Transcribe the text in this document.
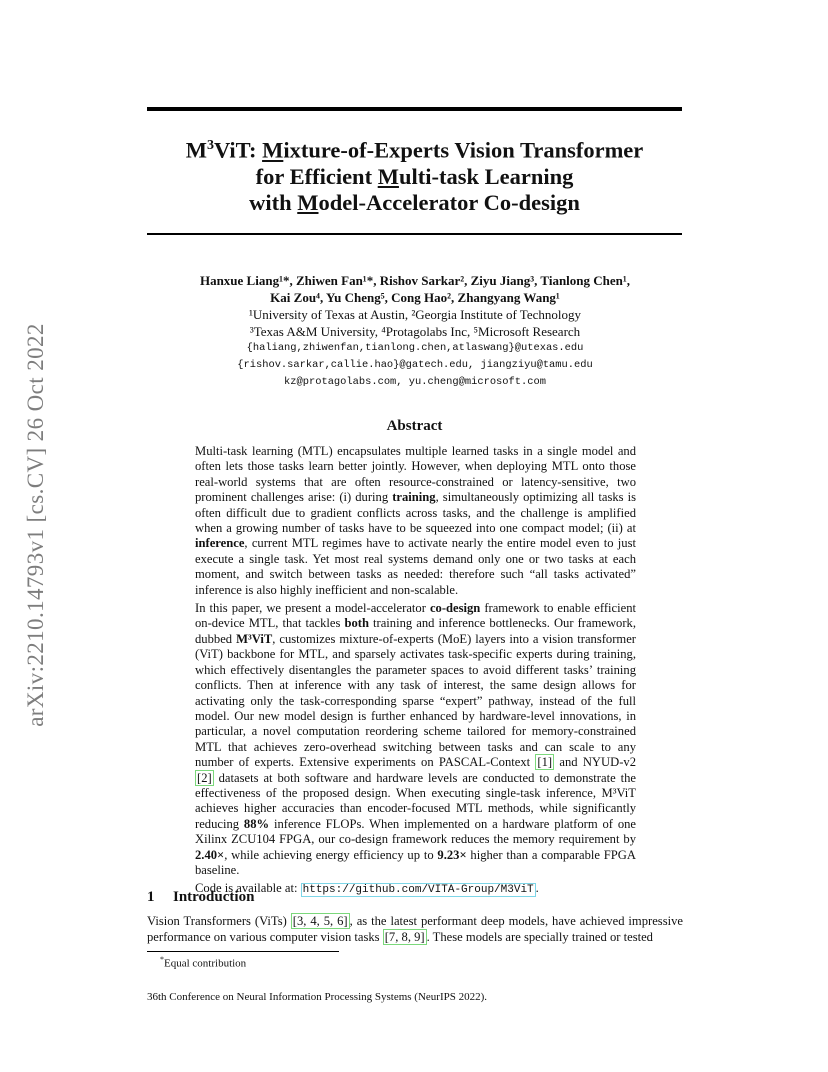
arXiv:2210.14793v1 [cs.CV] 26 Oct 2022
$M^3ViT$: Mixture-of-Experts Vision Transformer
for Efficient Multi-task Learning
with Model-Accelerator Co-design
Hanxue Liang¹*, Zhiwen Fan¹*, Rishov Sarkar², Ziyu Jiang³, Tianlong Chen¹,
Kai Zou⁴, Yu Cheng⁵, Cong Hao², Zhangyang Wang¹
¹University of Texas at Austin, ²Georgia Institute of Technology
³Texas A&M University, ⁴Protagolabs Inc, ⁵Microsoft Research
{haliang,zhiwenfan,tianlong.chen,atlaswang}@utexas.edu
{rishov.sarkar,callie.hao}@gatech.edu, jiangziyu@tamu.edu
kz@protagolabs.com, yu.cheng@microsoft.com
Abstract

Multi-task learning (MTL) encapsulates multiple learned tasks in a single model and often lets those tasks learn better jointly. However, when deploying MTL onto those real-world systems that are often resource-constrained or latency-sensitive, two prominent challenges arise: (i) during training, simultaneously optimizing all tasks is often difficult due to gradient conflicts across tasks, and the challenge is amplified when a growing number of tasks have to be squeezed into one compact model; (ii) at inference, current MTL regimes have to activate nearly the entire model even to just execute a single task. Yet most real systems demand only one or two tasks at each moment, and switch between tasks as needed: therefore such “all tasks activated” inference is also highly inefficient and non-scalable.

In this paper, we present a model-accelerator co-design framework to enable efficient on-device MTL, that tackles both training and inference bottlenecks. Our framework, dubbed M³ViT, customizes mixture-of-experts (MoE) layers into a vision transformer (ViT) backbone for MTL, and sparsely activates task-specific experts during training, which effectively disentangles the parameter spaces to avoid different tasks’ training conflicts. Then at inference with any task of interest, the same design allows for activating only the task-corresponding sparse “expert” pathway, instead of the full model. Our new model design is further enhanced by hardware-level innovations, in particular, a novel computation reordering scheme tailored for memory-constrained MTL that achieves zero-overhead switching between tasks and can scale to any number of experts. Extensive experiments on PASCAL-Context [1] and NYUD-v2 [2] datasets at both software and hardware levels are conducted to demonstrate the effectiveness of the proposed design. When executing single-task inference, M³ViT achieves higher accuracies than encoder-focused MTL methods, while significantly reducing 88% inference FLOPs. When implemented on a hardware platform of one Xilinx ZCU104 FPGA, our co-design framework reduces the memory requirement by 2.40×, while achieving energy efficiency up to 9.23× higher than a comparable FPGA baseline.

Code is available at: https://github.com/VITA-Group/M3ViT .

1 Introduction
Vision Transformers (ViTs) [3, 4, 5, 6] , as the latest performant deep models, have achieved impressive performance on various computer vision tasks [7, 8, 9] . These models are specially trained or tested
*Equal contribution
36th Conference on Neural Information Processing Systems (NeurIPS 2022).
